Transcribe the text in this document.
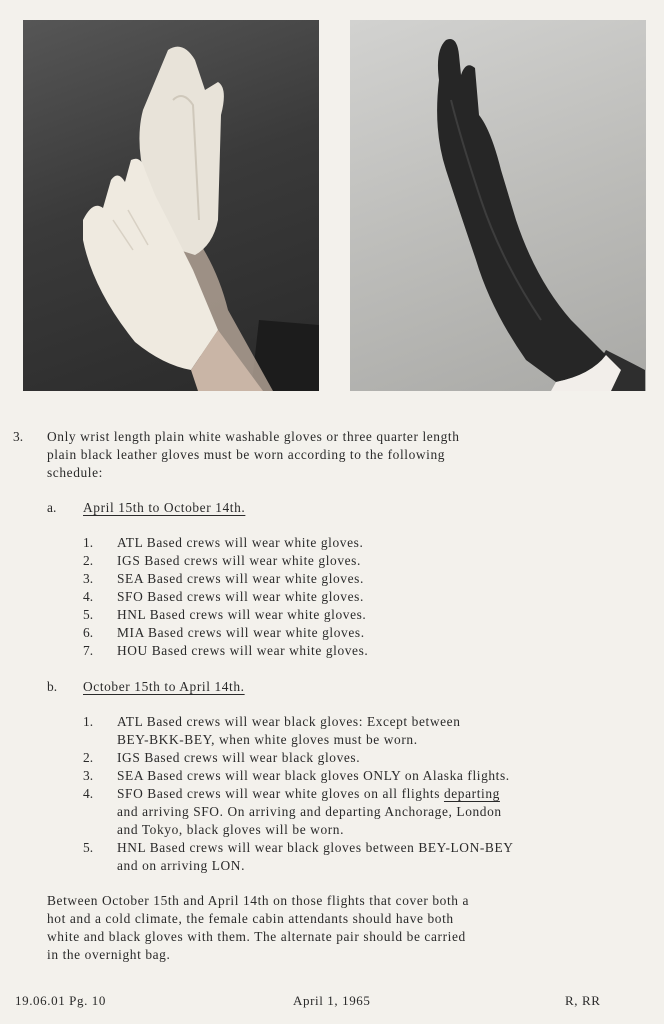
3. Only wrist length plain white washable gloves or three quarter length
plain black leather gloves must be worn according to the following
schedule:
a. April 15th to October 14th.
1. ATL Based crews will wear white gloves.
2. IGS Based crews will wear white gloves.
3. SEA Based crews will wear white gloves.
4. SFO Based crews will wear white gloves.
5. HNL Based crews will wear white gloves.
6. MIA Based crews will wear white gloves.
7. HOU Based crews will wear white gloves.
b. October 15th to April 14th.
1. ATL Based crews will wear black gloves: Except between
BEY-BKK-BEY, when white gloves must be worn.
2. IGS Based crews will wear black gloves.
3. SEA Based crews will wear black gloves ONLY on Alaska flights.
4. SFO Based crews will wear white gloves on all flights departing
and arriving SFO. On arriving and departing Anchorage, London
and Tokyo, black gloves will be worn.
5. HNL Based crews will wear black gloves between BEY-LON-BEY
and on arriving LON.
Between October 15th and April 14th on those flights that cover both a
hot and a cold climate, the female cabin attendants should have both
white and black gloves with them. The alternate pair should be carried
in the overnight bag.
19.06.01 Pg. 10	April 1, 1965	R, RR
